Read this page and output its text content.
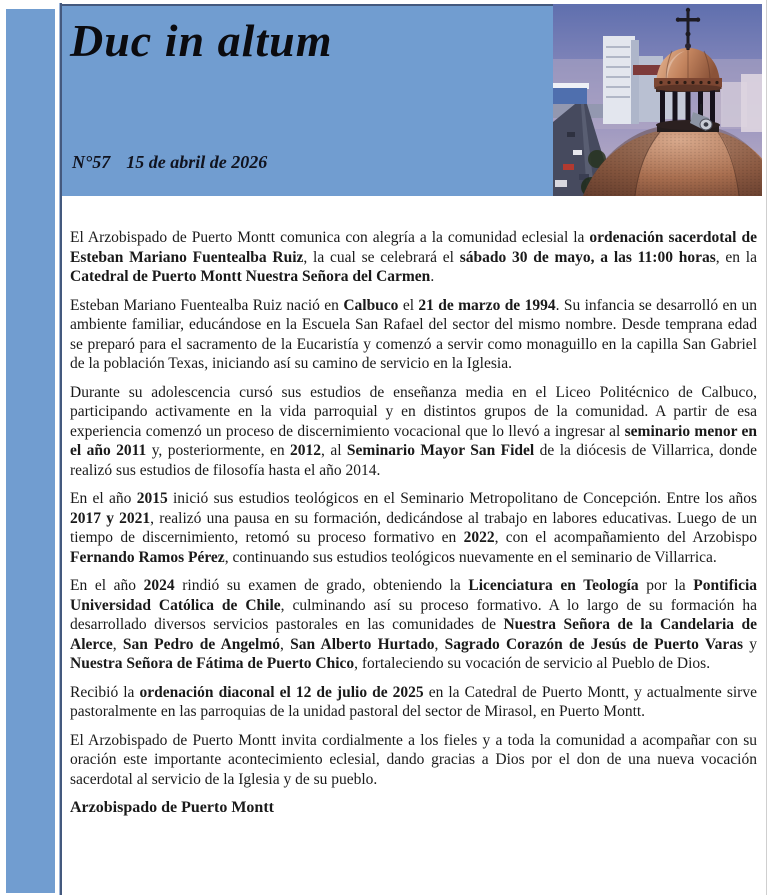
Duc in altum
N°57 15 de abril de 2026

El Arzobispado de Puerto Montt comunica con alegría a la comunidad eclesial la ordenación sacerdotal de Esteban Mariano Fuentealba Ruiz, la cual se celebrará el sábado 30 de mayo, a las 11:00 horas, en la Catedral de Puerto Montt Nuestra Señora del Carmen.

Esteban Mariano Fuentealba Ruiz nació en Calbuco el 21 de marzo de 1994. Su infancia se desarrolló en un ambiente familiar, educándose en la Escuela San Rafael del sector del mismo nombre. Desde temprana edad se preparó para el sacramento de la Eucaristía y comenzó a servir como monaguillo en la capilla San Gabriel de la población Texas, iniciando así su camino de servicio en la Iglesia.

Durante su adolescencia cursó sus estudios de enseñanza media en el Liceo Politécnico de Calbuco, participando activamente en la vida parroquial y en distintos grupos de la comunidad. A partir de esa experiencia comenzó un proceso de discernimiento vocacional que lo llevó a ingresar al seminario menor en el año 2011 y, posteriormente, en 2012, al Seminario Mayor San Fidel de la diócesis de Villarrica, donde realizó sus estudios de filosofía hasta el año 2014.

En el año 2015 inició sus estudios teológicos en el Seminario Metropolitano de Concepción. Entre los años 2017 y 2021, realizó una pausa en su formación, dedicándose al trabajo en labores educativas. Luego de un tiempo de discernimiento, retomó su proceso formativo en 2022, con el acompañamiento del Arzobispo Fernando Ramos Pérez, continuando sus estudios teológicos nuevamente en el seminario de Villarrica.

En el año 2024 rindió su examen de grado, obteniendo la Licenciatura en Teología por la Pontificia Universidad Católica de Chile, culminando así su proceso formativo. A lo largo de su formación ha desarrollado diversos servicios pastorales en las comunidades de Nuestra Señora de la Candelaria de Alerce, San Pedro de Angelmó, San Alberto Hurtado, Sagrado Corazón de Jesús de Puerto Varas y Nuestra Señora de Fátima de Puerto Chico, fortaleciendo su vocación de servicio al Pueblo de Dios.

Recibió la ordenación diaconal el 12 de julio de 2025 en la Catedral de Puerto Montt, y actualmente sirve pastoralmente en las parroquias de la unidad pastoral del sector de Mirasol, en Puerto Montt.

El Arzobispado de Puerto Montt invita cordialmente a los fieles y a toda la comunidad a acompañar con su oración este importante acontecimiento eclesial, dando gracias a Dios por el don de una nueva vocación sacerdotal al servicio de la Iglesia y de su pueblo.

Arzobispado de Puerto Montt
